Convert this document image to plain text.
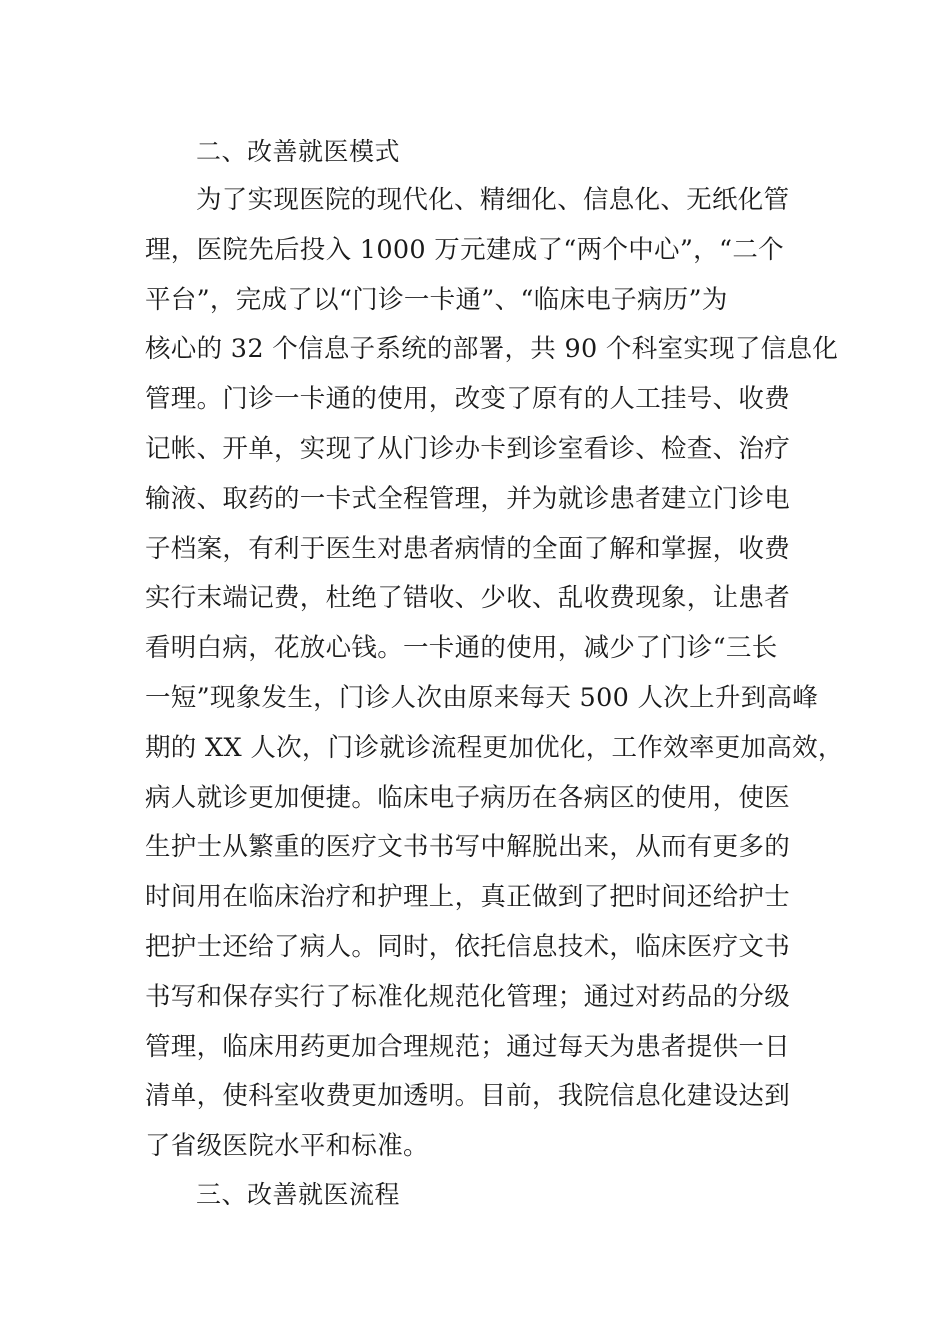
二、改善就医模式
为了实现医院的现代化、精细化、信息化、无纸化管
理，医院先后投入 1000 万元建成了“两个中心”，“二个
平台”，完成了以“门诊一卡通”、“临床电子病历”为
核心的 32 个信息子系统的部署，共 90 个科室实现了信息化
管理。门诊一卡通的使用，改变了原有的人工挂号、收费
记帐、开单，实现了从门诊办卡到诊室看诊、检查、治疗
输液、取药的一卡式全程管理，并为就诊患者建立门诊电
子档案，有利于医生对患者病情的全面了解和掌握，收费
实行末端记费，杜绝了错收、少收、乱收费现象，让患者
看明白病，花放心钱。一卡通的使用，减少了门诊“三长
一短”现象发生，门诊人次由原来每天 500 人次上升到高峰
期的 XX 人次，门诊就诊流程更加优化，工作效率更加高效，
病人就诊更加便捷。临床电子病历在各病区的使用，使医
生护士从繁重的医疗文书书写中解脱出来，从而有更多的
时间用在临床治疗和护理上，真正做到了把时间还给护士
把护士还给了病人。同时，依托信息技术，临床医疗文书
书写和保存实行了标准化规范化管理；通过对药品的分级
管理，临床用药更加合理规范；通过每天为患者提供一日
清单，使科室收费更加透明。目前，我院信息化建设达到
了省级医院水平和标准。
三、改善就医流程
